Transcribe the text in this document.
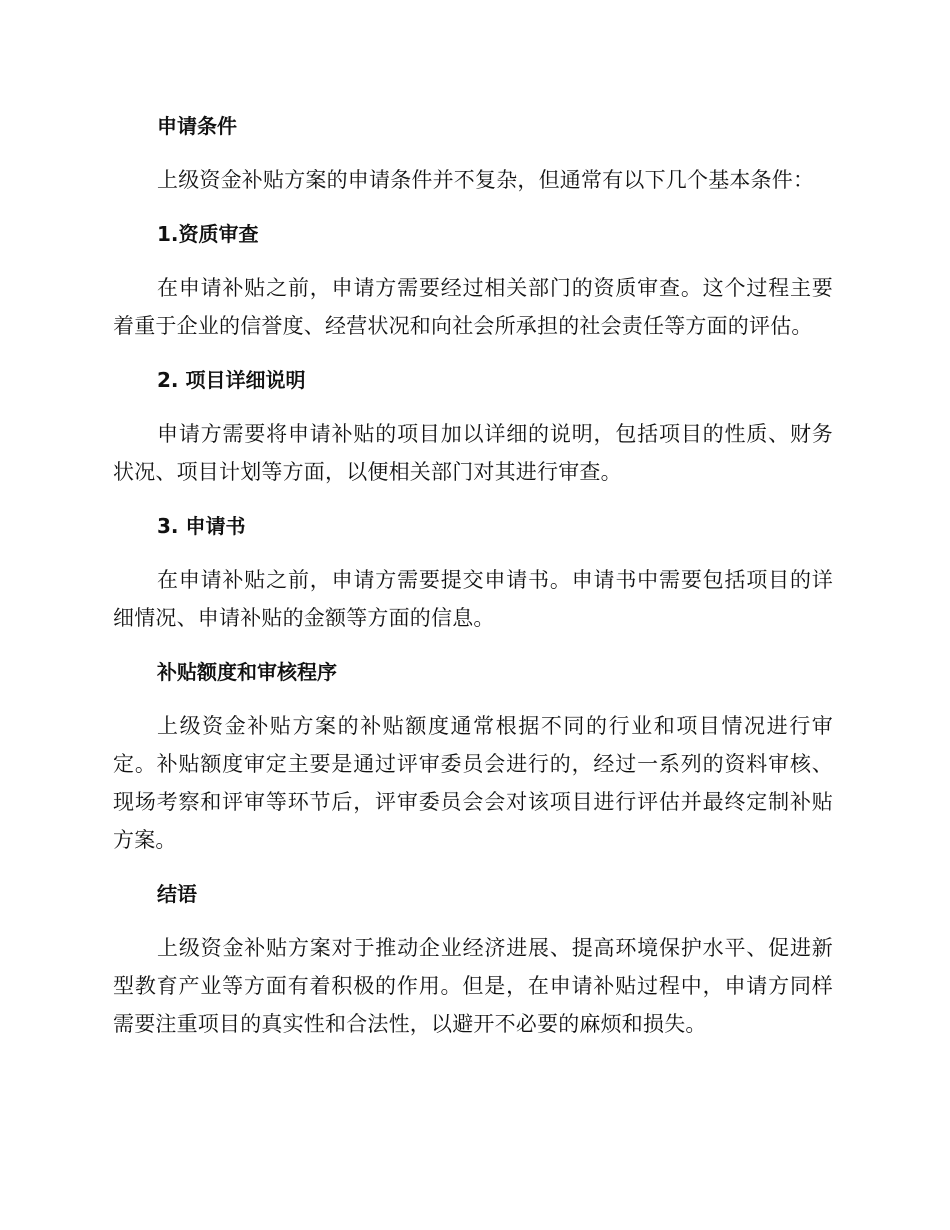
申请条件

上级资金补贴方案的申请条件并不复杂，但通常有以下几个基本条件：

1.资质审查

在申请补贴之前，申请方需要经过相关部门的资质审查。这个过程主要着重于企业的信誉度、经营状况和向社会所承担的社会责任等方面的评估。

2. 项目详细说明

申请方需要将申请补贴的项目加以详细的说明，包括项目的性质、财务状况、项目计划等方面，以便相关部门对其进行审查。

3. 申请书

在申请补贴之前，申请方需要提交申请书。申请书中需要包括项目的详细情况、申请补贴的金额等方面的信息。

补贴额度和审核程序

上级资金补贴方案的补贴额度通常根据不同的行业和项目情况进行审定。补贴额度审定主要是通过评审委员会进行的，经过一系列的资料审核、现场考察和评审等环节后，评审委员会会对该项目进行评估并最终定制补贴方案。

结语

上级资金补贴方案对于推动企业经济进展、提高环境保护水平、促进新型教育产业等方面有着积极的作用。但是，在申请补贴过程中，申请方同样需要注重项目的真实性和合法性，以避开不必要的麻烦和损失。
